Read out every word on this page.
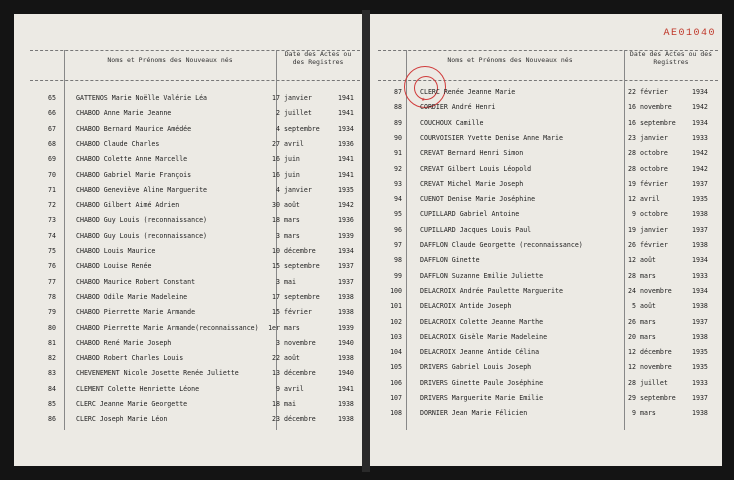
AE01040
Noms et Prénoms des Nouveaux nés
Date des Actes ou des Registres	Noms et Prénoms des Nouveaux nés
Date des Actes ou des Registres
★
65	GATTENOS Marie Noëlle Valérie Léa	17 janvier	1941
66	CHABOD Anne Marie Jeanne	2 juillet	1941
67	CHABOD Bernard Maurice Amédée	4 septembre	1934
68	CHABOD Claude Charles	27 avril	1936
69	CHABOD Colette Anne Marcelle	16 juin	1941
70	CHABOD Gabriel Marie François	16 juin	1941
71	CHABOD Geneviève Aline Marguerite	4 janvier	1935
72	CHABOD Gilbert Aimé Adrien	30 août	1942
73	CHABOD Guy Louis (reconnaissance)	18 mars	1936
74	CHABOD Guy Louis (reconnaissance)	3 mars	1939
75	CHABOD Louis Maurice	10 décembre	1934
76	CHABOD Louise Renée	15 septembre	1937
77	CHABOD Maurice Robert Constant	3 mai	1937
78	CHABOD Odile Marie Madeleine	17 septembre	1938
79	CHABOD Pierrette Marie Armande	15 février	1938
80	CHABOD Pierrette Marie Armande(reconnaissance)	1er mars	1939
81	CHABOD René Marie Joseph	3 novembre	1940
82	CHABOD Robert Charles Louis	22 août	1938
83	CHEVENEMENT Nicole Josette Renée Juliette	13 décembre	1940
84	CLEMENT Colette Henriette Léone	9 avril	1941
85	CLERC Jeanne Marie Georgette	18 mai	1938
86	CLERC Joseph Marie Léon	23 décembre	1938
87	CLERC Renée Jeanne Marie	22 février	1934
88	CORDIER André Henri	16 novembre	1942
89	COUCHOUX Camille	16 septembre	1934
90	COURVOISIER Yvette Denise Anne Marie	23 janvier	1933
91	CREVAT Bernard Henri Simon	28 octobre	1942
92	CREVAT Gilbert Louis Léopold	28 octobre	1942
93	CREVAT Michel Marie Joseph	19 février	1937
94	CUENOT Denise Marie Joséphine	12 avril	1935
95	CUPILLARD Gabriel Antoine	9 octobre	1938
96	CUPILLARD Jacques Louis Paul	19 janvier	1937
97	DAFFLON Claude Georgette (reconnaissance)	26 février	1938
98	DAFFLON Ginette	12 août	1934
99	DAFFLON Suzanne Emilie Juliette	28 mars	1933
100	DELACROIX Andrée Paulette Marguerite	24 novembre	1934
101	DELACROIX Antide Joseph	5 août	1938
102	DELACROIX Colette Jeanne Marthe	26 mars	1937
103	DELACROIX Gisèle Marie Madeleine	20 mars	1938
104	DELACROIX Jeanne Antide Célina	12 décembre	1935
105	DRIVERS Gabriel Louis Joseph	12 novembre	1935
106	DRIVERS Ginette Paule Joséphine	28 juillet	1933
107	DRIVERS Marguerite Marie Emilie	29 septembre	1937
108	DORNIER Jean Marie Félicien	9 mars	1938
